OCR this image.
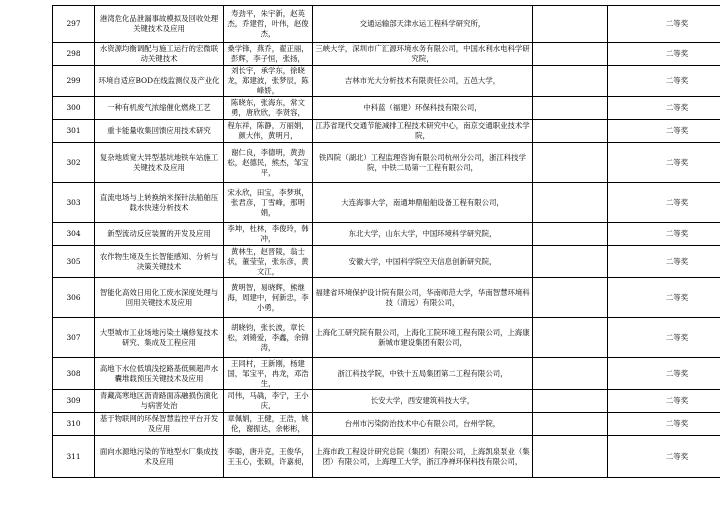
297	港湾危化品泄漏事故模拟及回收处理关键技术及应用	寿劲平，朱宇新，赵英杰，乔建哲，叶伟，赵俊杰，	交通运输部天津水运工程科学研究所，		二等奖
298	水资源均衡调配与施工运行的宏微联动关键技术	桑学锋，燕乔，翟正丽，彭辉，李子恒，张扬，	三峡大学，深圳市广汇源环境水务有限公司，中国水利水电科学研究院，		二等奖
299	环境自适应BOD在线监测仪及产业化	刘长宇，承学东，徐晓龙，郑建波，张梦辰，陈峰娇，	吉林市光大分析技术有限责任公司，五邑大学，		二等奖
300	一种有机废气浓缩催化燃烧工艺	陈晓东，张海东，常文勇，唐欣欣，李贤容，	中科蓝（福建）环保科技有限公司，		二等奖
301	重卡能量收集回馈应用技术研究	程东祥，陈静，万丽娟，颜大伟，黄明月，	江苏省现代交通节能减排工程技术研究中心，南京交通职业技术学院，		二等奖
302	复杂地质宽大异型基坑地铁车站施工关键技术及应用	谢仁良，李德明，黄劲松，赵德民，熊杰，邹宝平，	铁四院（湖北）工程监理咨询有限公司杭州分公司，浙江科技学院，中铁二局第一工程有限公司，		二等奖
303	直流电场与上转换纳米探针法船舶压载水快速分析技术	宋永欣，田宝，李梦琪，张君彦，丁雪峰，那明娟，	大连海事大学，南通坤鼎船舶设备工程有限公司，		二等奖
304	新型流动反应装置的开发及应用	李坤，杜林，李俊玲，韩冲，	东北大学，山东大学，中国环境科学研究院，		二等奖
305	农作物生境及生长智能感知、分析与决策关键技术	黄林生，赵晋陵，翁士状，董莹莹，张东彦，黄文江，	安徽大学，中国科学院空天信息创新研究院，		二等奖
306	智能化高效日用化工废水深度处理与回用关键技术及应用	黄明智，易晓辉，熊继海，周建中，何新忠，李小勇，	福建省环境保护设计院有限公司，华南师范大学，华南智慧环境科技（清远）有限公司，		二等奖
307	大型城市工业场地污染土壤修复技术研究、集成及工程应用	胡晓钧，张长波，章长松，刘锵爱，李鑫，余锦涛，	上海化工研究院有限公司，上海化工院环境工程有限公司，上海康新城市建设集团有限公司，		二等奖
308	高地下水位低填浅挖路基低频超声水囊堆载预压关键技术及应用	王同村，王新刚，杨建国，邹宝平，冉龙，邓浩生，	浙江科技学院，中铁十五局集团第二工程有限公司，		二等奖
309	青藏高寒地区沥青路面冻融损伤演化与病害处治	司伟，马骉，李宁，王小庆，	长安大学，西安建筑科技大学，		二等奖
310	基于物联网的环保智慧监控平台开发及应用	章佩娟，王健，王浩，姚伦，谢振达，余彬彬，	台州市污染防治技术中心有限公司，台州学院，		二等奖
311	面向水源地污染的节地型水厂集成技术及应用	李聪，唐升克，王俊华，王玉心，张硕，许嘉昶，	上海市政工程设计研究总院（集团）有限公司，上海凯泉泵业（集团）有限公司，上海理工大学，浙江净禅环保科技有限公司，		二等奖
